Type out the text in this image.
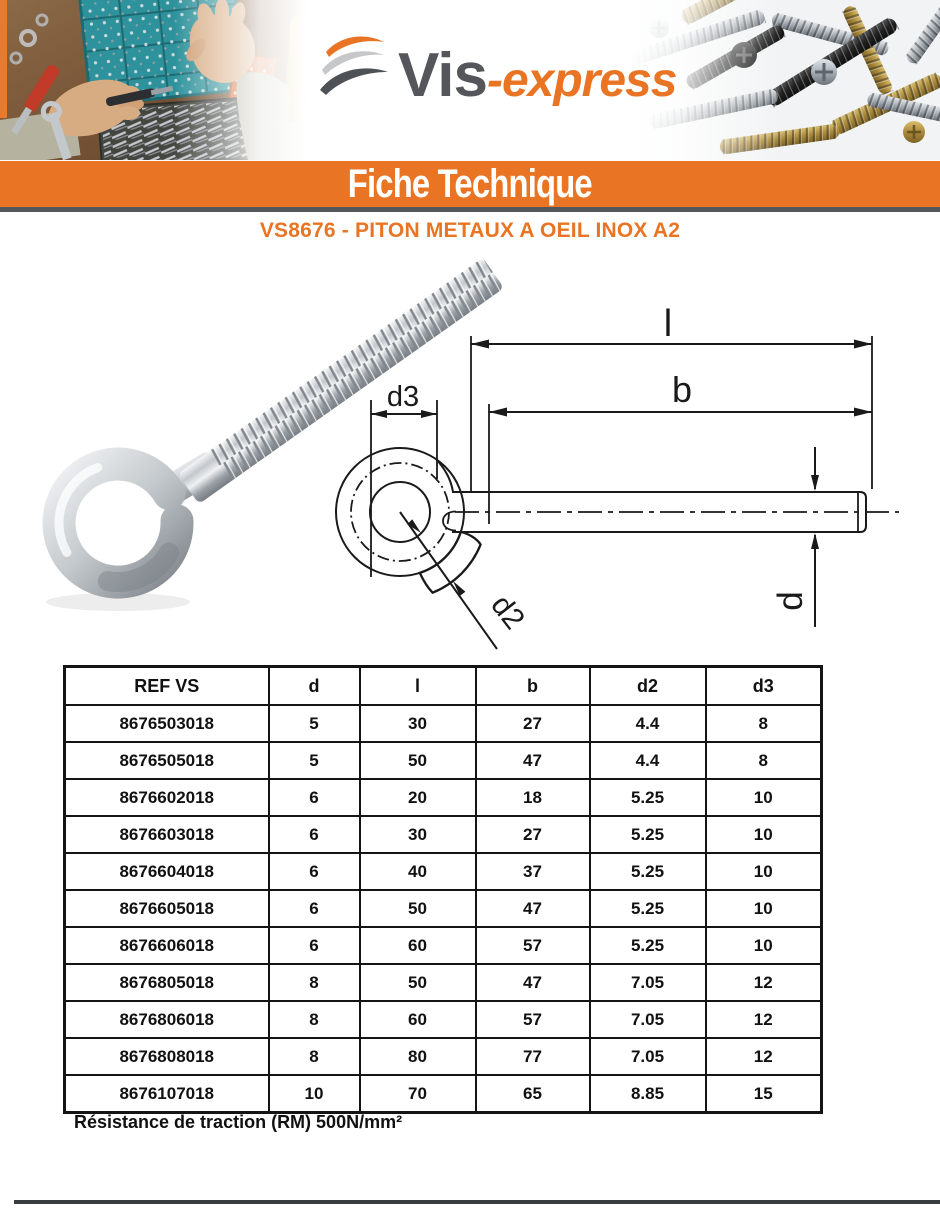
Vis-express
Fiche Technique
VS8676 - PITON METAUX A OEIL INOX A2
l
b
d3
d2	d
REF VS	d	l	b	d2	d3
8676503018	5	30	27	4.4	8
8676505018	5	50	47	4.4	8
8676602018	6	20	18	5.25	10
8676603018	6	30	27	5.25	10
8676604018	6	40	37	5.25	10
8676605018	6	50	47	5.25	10
8676606018	6	60	57	5.25	10
8676805018	8	50	47	7.05	12
8676806018	8	60	57	7.05	12
8676808018	8	80	77	7.05	12
8676107018	10	70	65	8.85	15
Résistance de traction (RM) 500N/mm²
